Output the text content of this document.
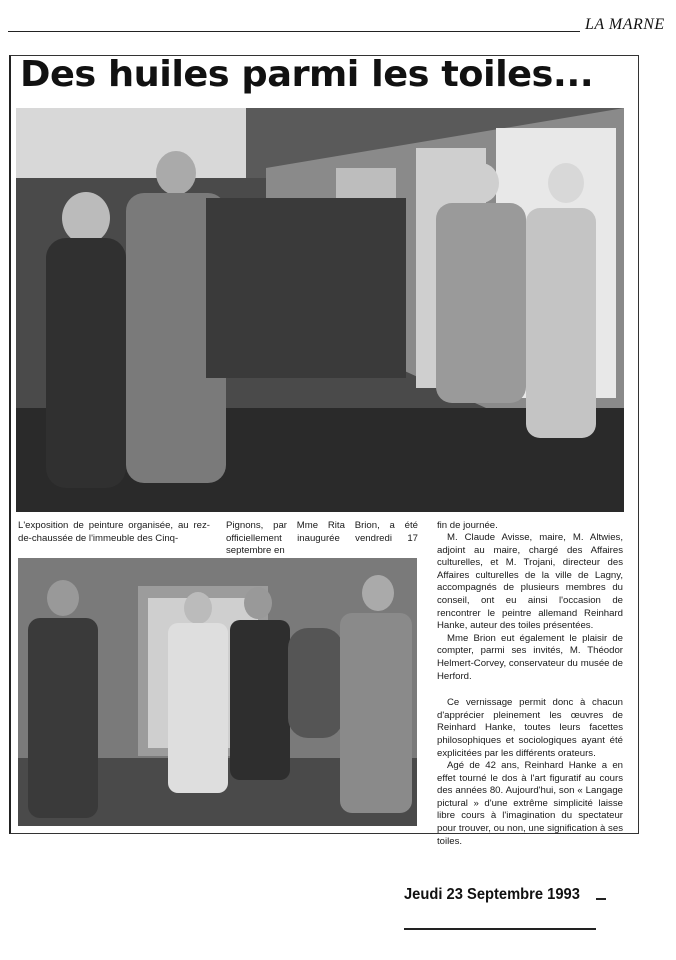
LA MARNE
Des huiles parmi les toiles...
L'exposition de peinture organisée, au rez-de-chaussée de l'immeuble des Cinq-
Pignons, par Mme Rita Brion, a été officiellement inaugurée vendredi 17 septembre en
fin de journée.

M. Claude Avisse, maire, M. Altwies, adjoint au maire, chargé des Affaires culturelles, et M. Trojani, directeur des Affaires culturelles de la ville de Lagny, accompagnés de plusieurs membres du conseil, ont eu ainsi l'occasion de rencontrer le peintre allemand Reinhard Hanke, auteur des toiles présentées.

Mme Brion eut également le plaisir de compter, parmi ses invités, M. Théodor Helmert-Corvey, conservateur du musée de Herford.

Ce vernissage permit donc à chacun d'apprécier pleinement les œuvres de Reinhard Hanke, toutes leurs facettes philosophiques et sociologiques ayant été explicitées par les différents orateurs.

Agé de 42 ans, Reinhard Hanke a en effet tourné le dos à l'art figuratif au cours des années 80. Aujourd'hui, son « Langage pictural » d'une extrême simplicité laisse libre cours à l'imagination du spectateur pour trouver, ou non, une signification à ses toiles.

Jeudi 23 Septembre 1993
